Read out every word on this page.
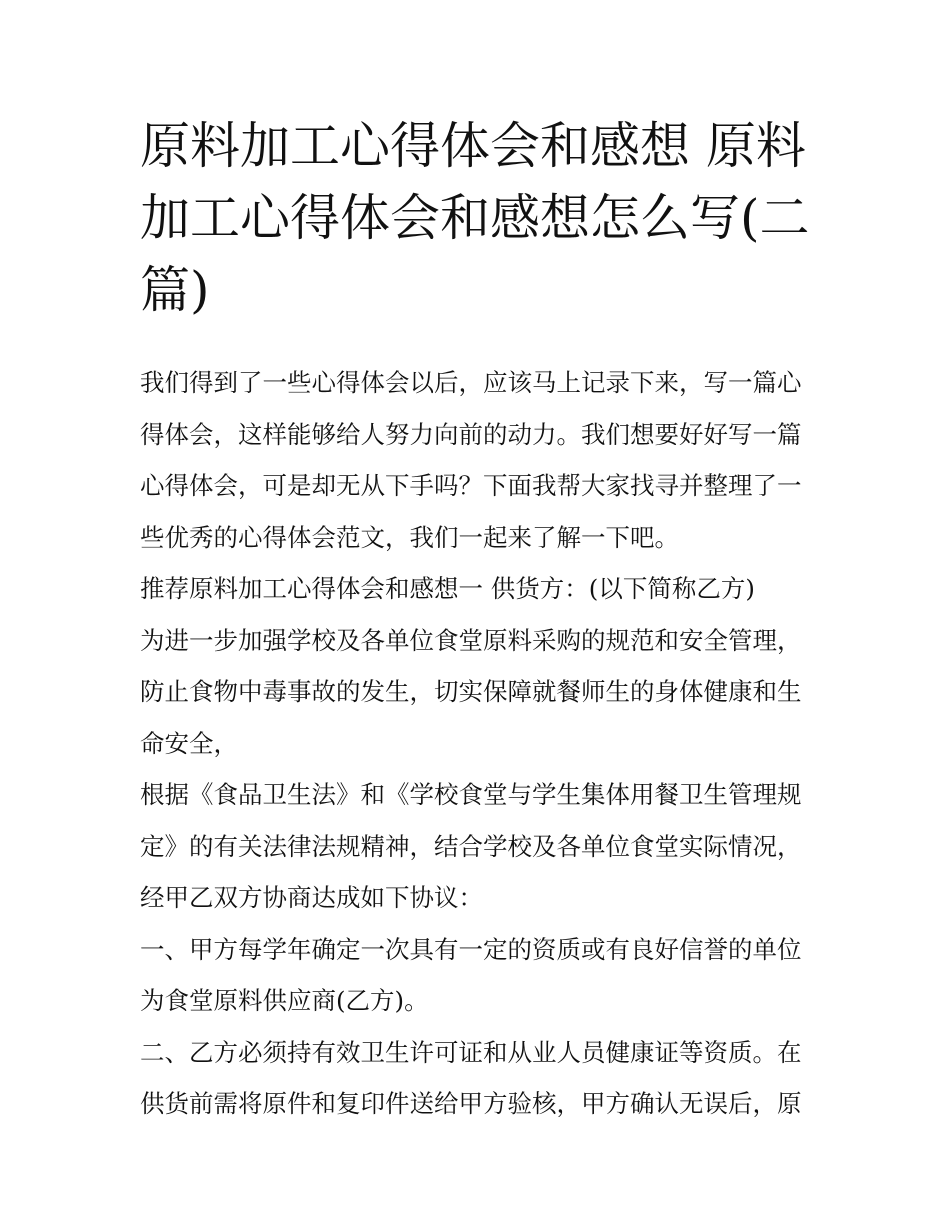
原料加工心得体会和感想 原料加工心得体会和感想怎么写(二篇)

我们得到了一些心得体会以后，应该马上记录下来，写一篇心得体会，这样能够给人努力向前的动力。我们想要好好写一篇心得体会，可是却无从下手吗？下面我帮大家找寻并整理了一些优秀的心得体会范文，我们一起来了解一下吧。

推荐原料加工心得体会和感想一 供货方：(以下简称乙方)

为进一步加强学校及各单位食堂原料采购的规范和安全管理，防止食物中毒事故的发生，切实保障就餐师生的身体健康和生命安全，

根据《食品卫生法》和《学校食堂与学生集体用餐卫生管理规定》的有关法律法规精神，结合学校及各单位食堂实际情况，经甲乙双方协商达成如下协议：

一、甲方每学年确定一次具有一定的资质或有良好信誉的单位为食堂原料供应商(乙方)。

二、乙方必须持有效卫生许可证和从业人员健康证等资质。在供货前需将原件和复印件送给甲方验核，甲方确认无误后，原
